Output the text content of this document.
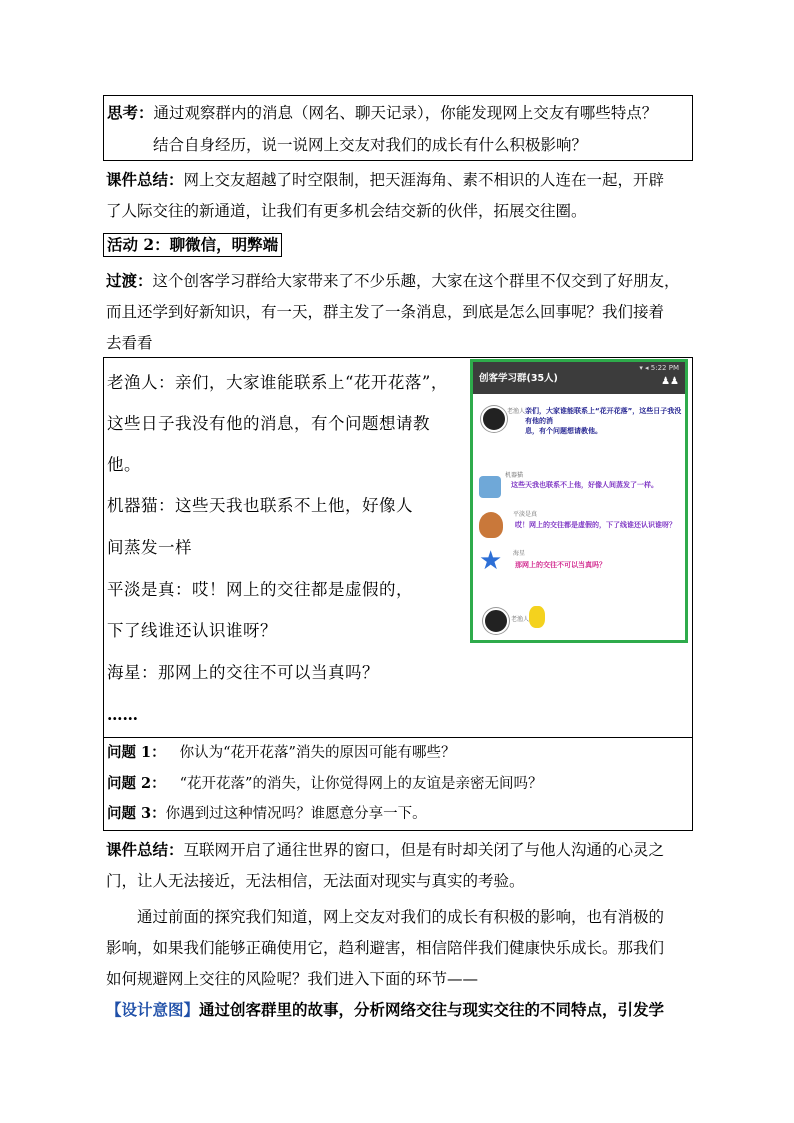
思考：通过观察群内的消息（网名、聊天记录），你能发现网上交友有哪些特点？
结合自身经历，说一说网上交友对我们的成长有什么积极影响？
课件总结：网上交友超越了时空限制，把天涯海角、素不相识的人连在一起，开辟
了人际交往的新通道，让我们有更多机会结交新的伙伴，拓展交往圈。
活动 2：聊微信，明弊端
过渡：这个创客学习群给大家带来了不少乐趣，大家在这个群里不仅交到了好朋友，
而且还学到好新知识，有一天，群主发了一条消息，到底是怎么回事呢？我们接着
去看看
老渔人：亲们，大家谁能联系上“花开花落”，
这些日子我没有他的消息，有个问题想请教
他。
机器猫：这些天我也联系不上他，好像人
间蒸发一样
平淡是真：哎！网上的交往都是虚假的，
下了线谁还认识谁呀？
海星：那网上的交往不可以当真吗？
……
▾ ◂ 5:22 PM
创客学习群(35人)	♟♟
老渔人 亲们，大家谁能联系上“花开花落”，这些日子我没有他的消
息，有个问题想请教他。
机器猫
这些天我也联系不上他，好像人间蒸发了一样。
平淡是真
哎！网上的交往都是虚假的，下了线谁还认识谁呀？
★ 海星
那网上的交往不可以当真吗？
老渔人
问题 1： 你认为“花开花落”消失的原因可能有哪些？
问题 2： “花开花落”的消失，让你觉得网上的友谊是亲密无间吗？
问题 3：你遇到过这种情况吗？谁愿意分享一下。
课件总结：互联网开启了通往世界的窗口，但是有时却关闭了与他人沟通的心灵之
门，让人无法接近，无法相信，无法面对现实与真实的考验。
通过前面的探究我们知道，网上交友对我们的成长有积极的影响，也有消极的
影响，如果我们能够正确使用它，趋利避害，相信陪伴我们健康快乐成长。那我们
如何规避网上交往的风险呢？我们进入下面的环节——
【设计意图】通过创客群里的故事，分析网络交往与现实交往的不同特点，引发学
